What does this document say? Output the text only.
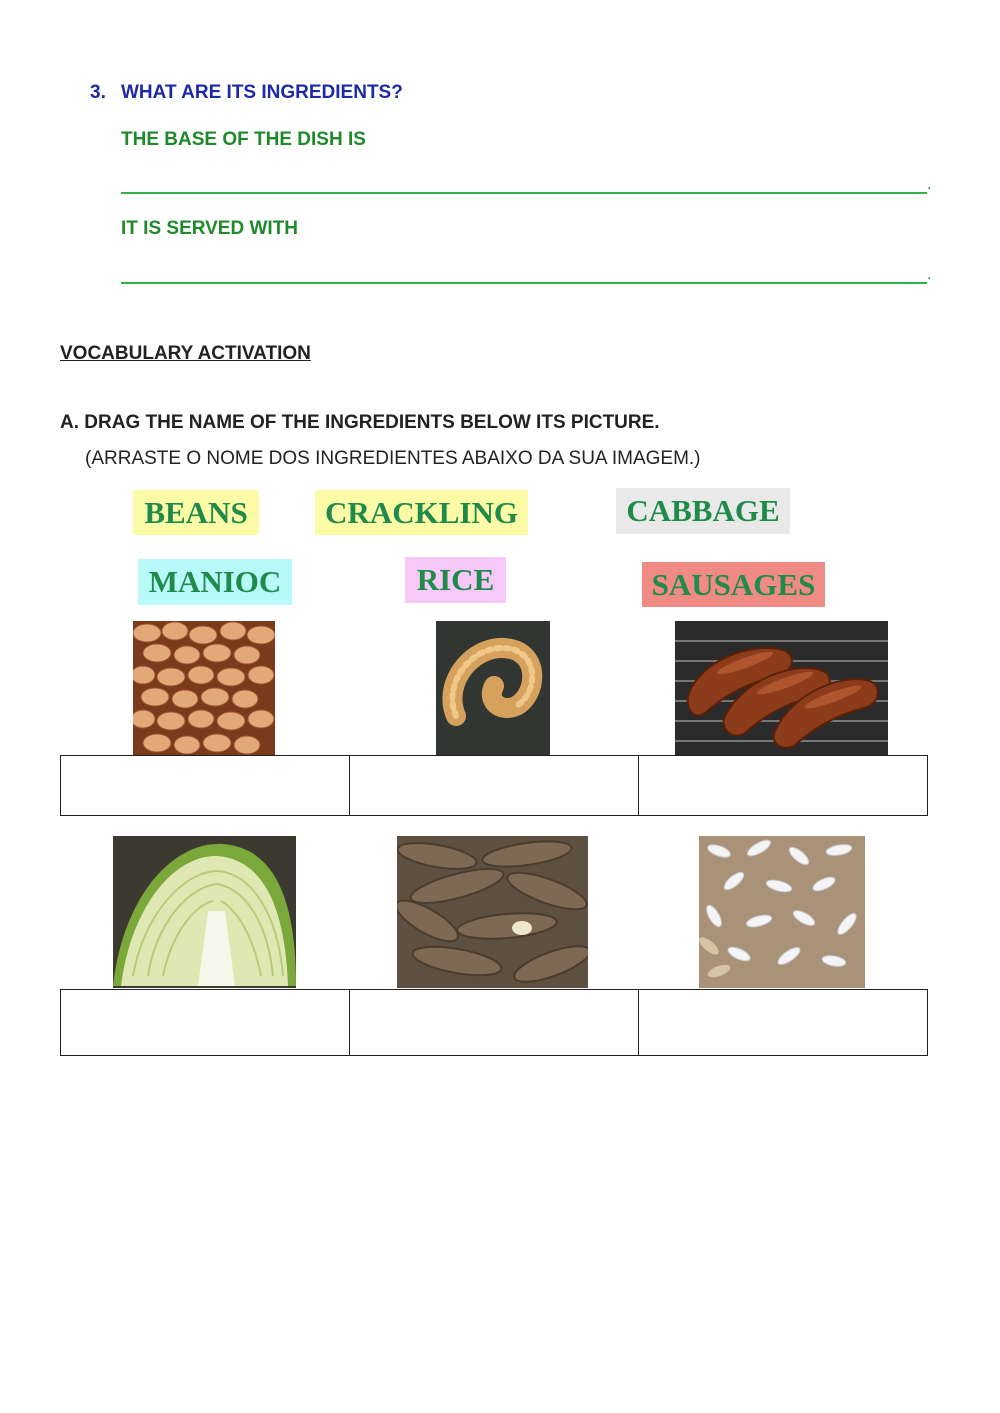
3. WHAT ARE ITS INGREDIENTS?
THE BASE OF THE DISH IS
.
IT IS SERVED WITH
.
VOCABULARY ACTIVATION
A. DRAG THE NAME OF THE INGREDIENTS BELOW ITS PICTURE.
(ARRASTE O NOME DOS INGREDIENTES ABAIXO DA SUA IMAGEM.)
BEANS	CRACKLING	CABBAGE
MANIOC	RICE	SAUSAGES
